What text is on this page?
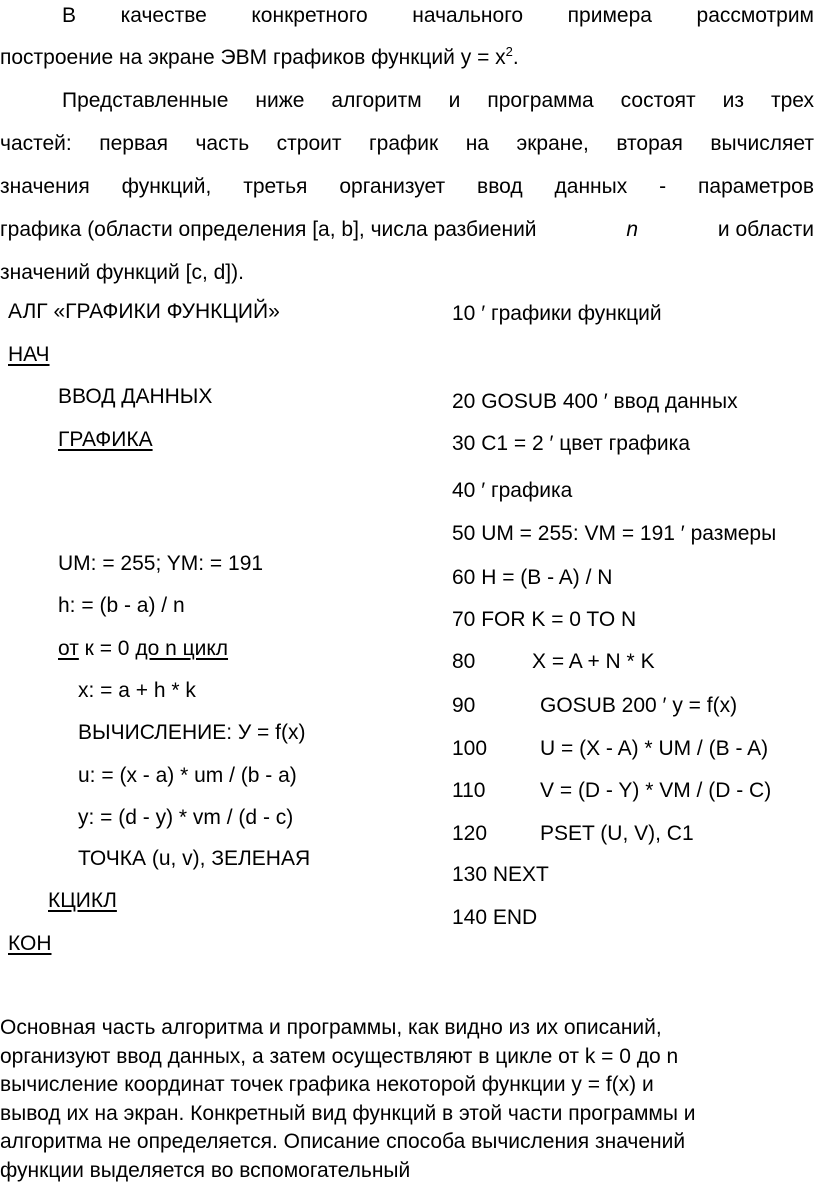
В качестве конкретного начального примера рассмотрим
построение на экране ЭВМ графиков функций $y = x^2$.
Представленные ниже алгоритм и программа состоят из трех
частей: первая часть строит график на экране, вторая вычисляет
значения функций, третья организует ввод данных - параметров
графика (области определения [a, b], числа разбиений	n	и области
значений функций [c, d]).
АЛГ «ГРАФИКИ ФУНКЦИЙ»
НАЧ
ВВОД ДАННЫХ
ГРАФИКА
UM: = 255; YM: = 191
h: = (b - a) / n
от к = 0 до n цикл
x: = a + h * k
ВЫЧИСЛЕНИЕ: У = f(x)
u: = (x - a) * um / (b - a)
y: = (d - y) * vm / (d - c)
ТОЧКА (u, v), ЗЕЛЕНАЯ
КЦИКЛ
КОН
10 ′ графики функций
20 GOSUB 400 ′ ввод данных
30 C1 = 2 ′ цвет графика
40 ′ графика
50 UM = 255: VM = 191 ′ размеры
60 H = (B - A) / N
70 FOR K = 0 TO N
80	X = A + N * K
90	GOSUB 200 ′ y = f(x)
100	U = (X - A) * UM / (B - A)
110	V = (D - Y) * VM / (D - C)
120	PSET (U, V), C1
130 NEXT
140 END
Основная часть алгоритма и программы, как видно из их описаний,
организуют ввод данных, а затем осуществляют в цикле от k = 0 до n
вычисление координат точек графика некоторой функции y = f(x) и
вывод их на экран. Конкретный вид функций в этой части программы и
алгоритма не определяется. Описание способа вычисления значений
функции выделяется во вспомогательный
